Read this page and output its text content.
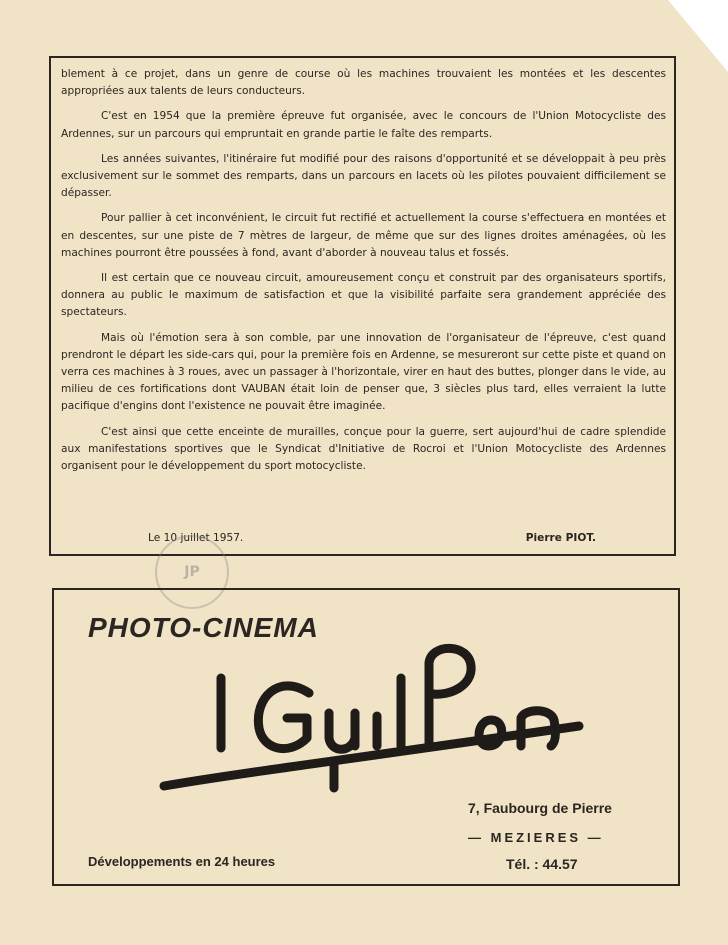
blement à ce projet, dans un genre de course où les machines trouvaient les montées et les descentes appropriées aux talents de leurs conducteurs.

C'est en 1954 que la première épreuve fut organisée, avec le concours de l'Union Motocycliste des Ardennes, sur un parcours qui empruntait en grande partie le faîte des remparts.

Les années suivantes, l'itinéraire fut modifié pour des raisons d'opportunité et se développait à peu près exclusivement sur le sommet des remparts, dans un parcours en lacets où les pilotes pouvaient difficilement se dépasser.

Pour pallier à cet inconvénient, le circuit fut rectifié et actuellement la course s'effectuera en montées et en descentes, sur une piste de 7 mètres de largeur, de même que sur des lignes droites aménagées, où les machines pourront être poussées à fond, avant d'aborder à nouveau talus et fossés.

Il est certain que ce nouveau circuit, amoureusement conçu et construit par des organisateurs sportifs, donnera au public le maximum de satisfaction et que la visibilité parfaite sera grandement appréciée des spectateurs.

Mais où l'émotion sera à son comble, par une innovation de l'organisateur de l'épreuve, c'est quand prendront le départ les side-cars qui, pour la première fois en Ardenne, se mesureront sur cette piste et quand on verra ces machines à 3 roues, avec un passager à l'horizontale, virer en haut des buttes, plonger dans le vide, au milieu de ces fortifications dont VAUBAN était loin de penser que, 3 siècles plus tard, elles verraient la lutte pacifique d'engins dont l'existence ne pouvait être imaginée.

C'est ainsi que cette enceinte de murailles, conçue pour la guerre, sert aujourd'hui de cadre splendide aux manifestations sportives que le Syndicat d'Initiative de Rocroi et l'Union Motocycliste des Ardennes organisent pour le développement du sport motocycliste.

Le 10 juillet 1957.	Pierre PIOT.
JP
PHOTO-CINEMA
7, Faubourg de Pierre
— MEZIERES —
Tél. : 44.57
Développements en 24 heures
